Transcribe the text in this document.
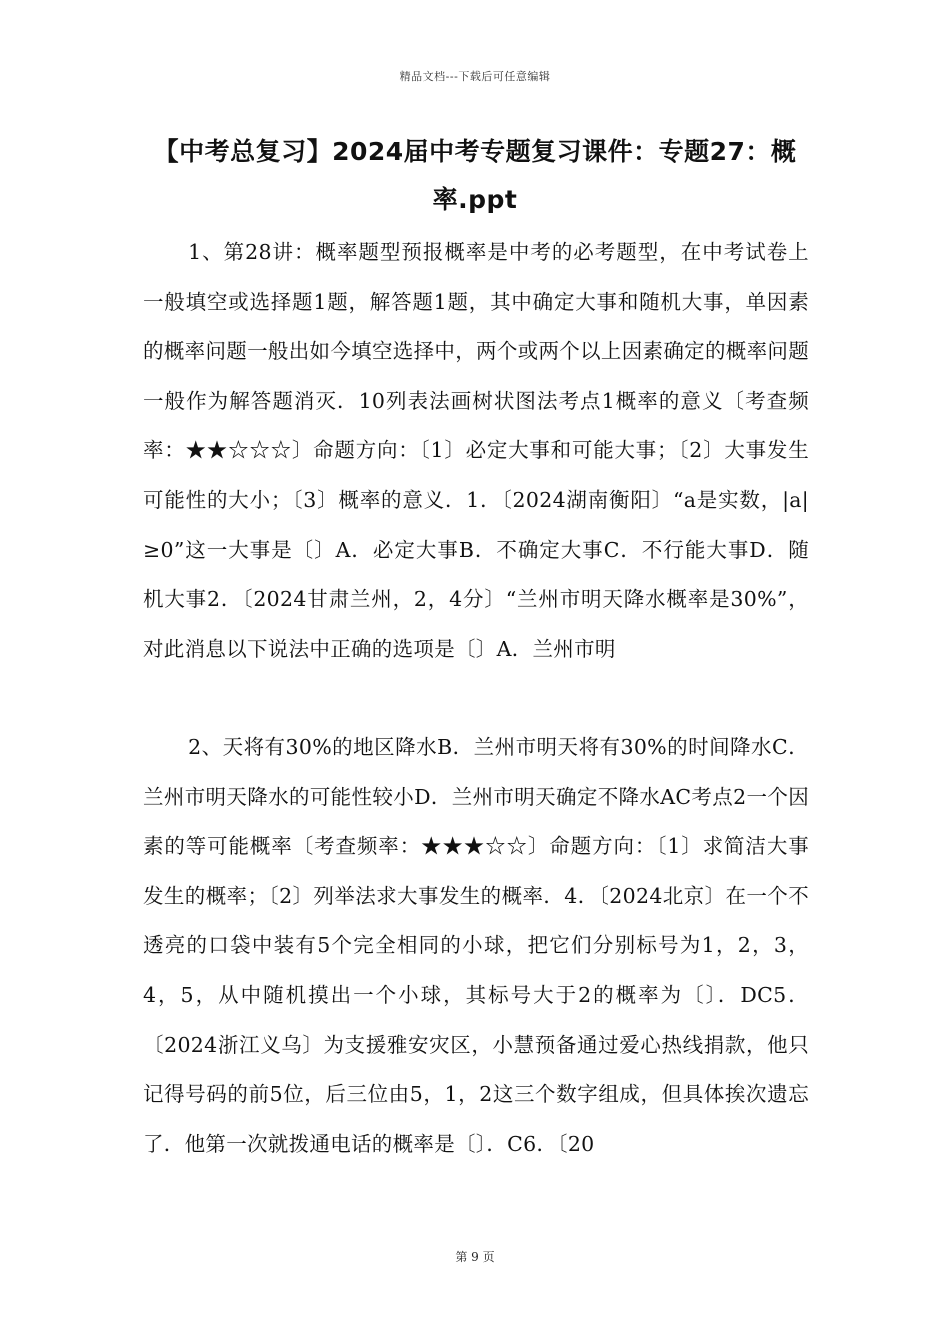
精品文档---下载后可任意编辑
【中考总复习】2024届中考专题复习课件：专题27：概率.ppt

1、第28讲：概率题型预报概率是中考的必考题型，在中考试卷上一般填空或选择题1题，解答题1题，其中确定大事和随机大事，单因素的概率问题一般出如今填空选择中，两个或两个以上因素确定的概率问题一般作为解答题消灭．10列表法画树状图法考点1概率的意义〔考查频率：★★☆☆☆〕命题方向：〔1〕必定大事和可能大事；〔2〕大事发生可能性的大小；〔3〕概率的意义．1．〔2024湖南衡阳〕“a是实数，|a|≥0”这一大事是〔〕A．必定大事B．不确定大事C．不行能大事D．随机大事2．〔2024甘肃兰州，2，4分〕“兰州市明天降水概率是30%”，对此消息以下说法中正确的选项是〔〕A．兰州市明

2、天将有30%的地区降水B．兰州市明天将有30%的时间降水C．兰州市明天降水的可能性较小D．兰州市明天确定不降水AC考点2一个因素的等可能概率〔考查频率：★★★☆☆〕命题方向：〔1〕求简洁大事发生的概率；〔2〕列举法求大事发生的概率．4．〔2024北京〕在一个不透亮的口袋中装有5个完全相同的小球，把它们分别标号为1，2，3，4，5，从中随机摸出一个小球，其标号大于2的概率为〔〕．DC5．〔2024浙江义乌〕为支援雅安灾区，小慧预备通过爱心热线捐款，他只记得号码的前5位，后三位由5，1，2这三个数字组成，但具体挨次遗忘了．他第一次就拨通电话的概率是〔〕．C6．〔20

第 9 页
